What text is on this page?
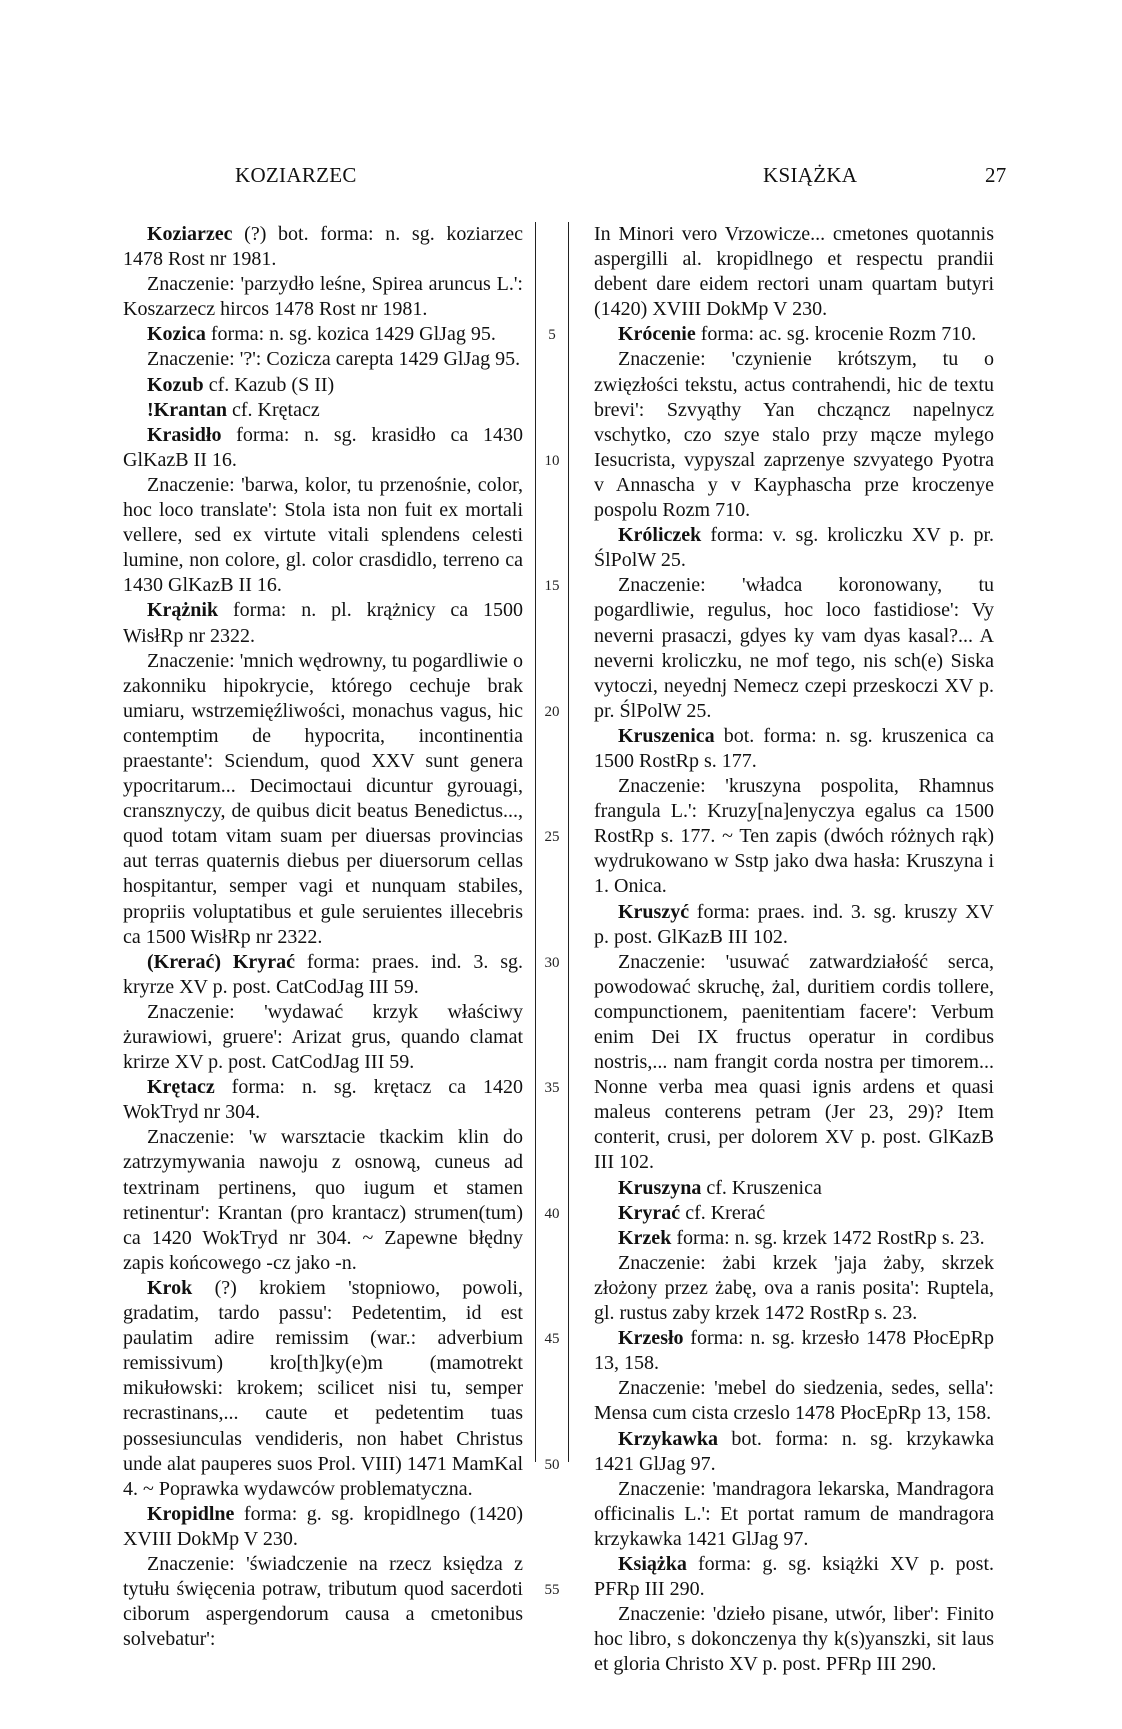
KOZIARZEC	KSIĄŻKA	27

Koziarzec (?) bot. forma: n. sg. koziarzec 1478 Rost nr 1981.

Znaczenie: 'parzydło leśne, Spirea aruncus L.': Koszarzecz hircos 1478 Rost nr 1981.

Kozica forma: n. sg. kozica 1429 GlJag 95.

Znaczenie: '?': Cozicza carepta 1429 GlJag 95.

Kozub cf. Kazub (S II)

!Krantan cf. Krętacz

Krasidło forma: n. sg. krasidło ca 1430 GlKazB II 16.

Znaczenie: 'barwa, kolor, tu przenośnie, color, hoc loco translate': Stola ista non fuit ex mortali vellere, sed ex virtute vitali splendens celesti lumine, non colore, gl. color crasdidlo, terreno ca 1430 GlKazB II 16.

Krążnik forma: n. pl. krążnicy ca 1500 WisłRp nr 2322.

Znaczenie: 'mnich wędrowny, tu pogardliwie o zakonniku hipokrycie, którego cechuje brak umiaru, wstrzemięźliwości, monachus vagus, hic contemptim de hypocrita, incontinentia praestante': Sciendum, quod XXV sunt genera ypocritarum... Decimoctaui dicuntur gyrouagi, cransznyczy, de quibus dicit beatus Benedictus..., quod totam vitam suam per diuersas provincias aut terras quaternis diebus per diuersorum cellas hospitantur, semper vagi et nunquam stabiles, propriis voluptatibus et gule seruientes illecebris ca 1500 WisłRp nr 2322.

(Krerać) Kryrać forma: praes. ind. 3. sg. kryrze XV p. post. CatCodJag III 59.

Znaczenie: 'wydawać krzyk właściwy żurawiowi, gruere': Arizat grus, quando clamat krirze XV p. post. CatCodJag III 59.

Krętacz forma: n. sg. krętacz ca 1420 WokTryd nr 304.

Znaczenie: 'w warsztacie tkackim klin do zatrzymywania nawoju z osnową, cuneus ad textrinam pertinens, quo iugum et stamen retinentur': Krantan (pro krantacz) strumen(tum) ca 1420 WokTryd nr 304. ~ Zapewne błędny zapis końcowego -cz jako -n.

Krok (?) krokiem 'stopniowo, powoli, gradatim, tardo passu': Pedetentim, id est paulatim adire remissim (war.: adverbium remissivum) kro[th]ky(e)m (mamotrekt mikułowski: krokem; scilicet nisi tu, semper recrastinans,... caute et pedetentim tuas possesiunculas vendideris, non habet Christus unde alat pauperes suos Prol. VIII) 1471 MamKal 4. ~ Poprawka wydawców problematyczna.

Kropidlne forma: g. sg. kropidlnego (1420) XVIII DokMp V 230.

Znaczenie: 'świadczenie na rzecz księdza z tytułu święcenia potraw, tributum quod sacerdoti ciborum aspergendorum causa a cmetonibus solvebatur':

In Minori vero Vrzowicze... cmetones quotannis aspergilli al. kropidlnego et respectu prandii debent dare eidem rectori unam quartam butyri (1420) XVIII DokMp V 230.

Krócenie forma: ac. sg. krocenie Rozm 710.

Znaczenie: 'czynienie krótszym, tu o zwięzłości tekstu, actus contrahendi, hic de textu brevi': Szvyąthy Yan chcząncz napelnycz vschytko, czo szye stalo przy mącze mylego Iesucrista, vypyszal zaprzenye szvyatego Pyotra v Annascha y v Kayphascha prze kroczenye pospolu Rozm 710.

Króliczek forma: v. sg. kroliczku XV p. pr. ŚlPolW 25.

Znaczenie: 'władca koronowany, tu pogardliwie, regulus, hoc loco fastidiose': Vy neverni prasaczi, gdyes ky vam dyas kasal?... A neverni kroliczku, ne mof tego, nis sch(e) Siska vytoczi, neyednj Nemecz czepi przeskoczi XV p. pr. ŚlPolW 25.

Kruszenica bot. forma: n. sg. kruszenica ca 1500 RostRp s. 177.

Znaczenie: 'kruszyna pospolita, Rhamnus frangula L.': Kruzy[na]enyczya egalus ca 1500 RostRp s. 177. ~ Ten zapis (dwóch różnych rąk) wydrukowano w Sstp jako dwa hasła: Kruszyna i 1. Onica.

Kruszyć forma: praes. ind. 3. sg. kruszy XV p. post. GlKazB III 102.

Znaczenie: 'usuwać zatwardziałość serca, powodować skruchę, żal, duritiem cordis tollere, compunctionem, paenitentiam facere': Verbum enim Dei IX fructus operatur in cordibus nostris,... nam frangit corda nostra per timorem... Nonne verba mea quasi ignis ardens et quasi maleus conterens petram (Jer 23, 29)? Item conterit, crusi, per dolorem XV p. post. GlKazB III 102.

Kruszyna cf. Kruszenica

Kryrać cf. Krerać

Krzek forma: n. sg. krzek 1472 RostRp s. 23.

Znaczenie: żabi krzek 'jaja żaby, skrzek złożony przez żabę, ova a ranis posita': Ruptela, gl. rustus zaby krzek 1472 RostRp s. 23.

Krzesło forma: n. sg. krzesło 1478 PłocEpRp 13, 158.

Znaczenie: 'mebel do siedzenia, sedes, sella': Mensa cum cista crzeslo 1478 PłocEpRp 13, 158.

Krzykawka bot. forma: n. sg. krzykawka 1421 GlJag 97.

Znaczenie: 'mandragora lekarska, Mandragora officinalis L.': Et portat ramum de mandragora krzykawka 1421 GlJag 97.

Książka forma: g. sg. książki XV p. post. PFRp III 290.

Znaczenie: 'dzieło pisane, utwór, liber': Finito hoc libro, s dokonczenya thy k(s)yanszki, sit laus et gloria Christo XV p. post. PFRp III 290.

5
10
15
20
25
30
35
40
45
50
55
